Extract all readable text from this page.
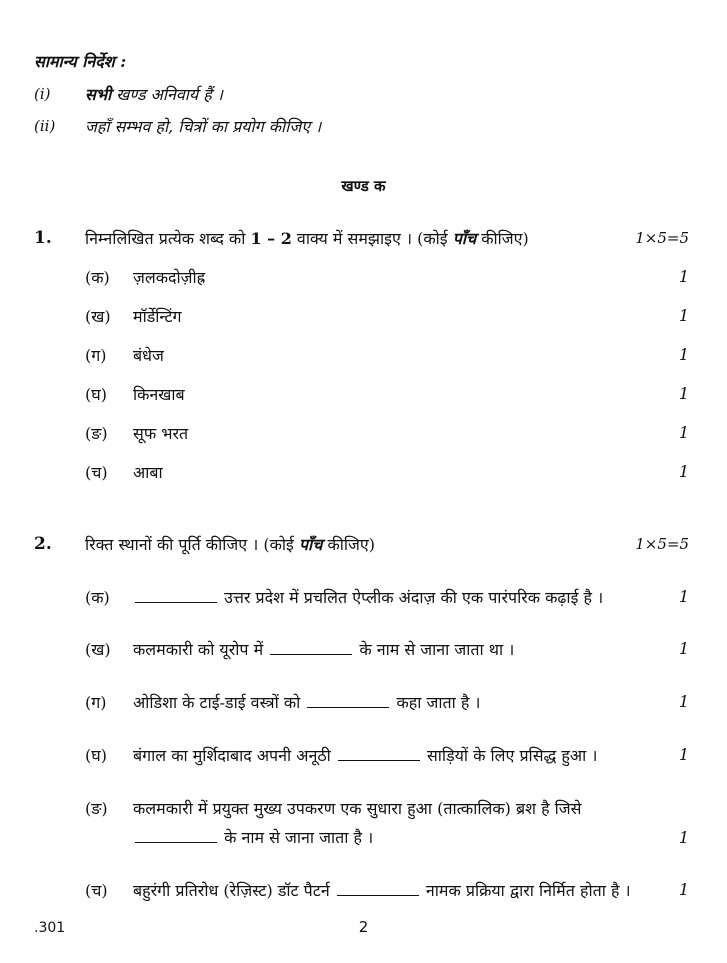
सामान्य निर्देश :
(i) सभी खण्ड अनिवार्य हैं ।
(ii) जहाँ सम्भव हो, चित्रों का प्रयोग कीजिए ।
खण्ड क
1. निम्नलिखित प्रत्येक शब्द को 1 – 2 वाक्य में समझाइए । (कोई पाँच कीजिए)	1×5=5
(क) ज़लकदोज़ीह्र	1
(ख) मॉर्डेन्टिंग	1
(ग) बंधेज	1
(घ) किनखाब	1
(ङ) सूफ भरत	1
(च) आबा	1
2. रिक्त स्थानों की पूर्ति कीजिए । (कोई पाँच कीजिए)	1×5=5
(क)	उत्तर प्रदेश में प्रचलित ऐप्लीक अंदाज़ की एक पारंपरिक कढ़ाई है ।	1
(ख) कलमकारी को यूरोप में	के नाम से जाना जाता था ।	1
(ग) ओडिशा के टाई-डाई वस्त्रों को	कहा जाता है ।	1
(घ) बंगाल का मुर्शिदाबाद अपनी अनूठी	साड़ियों के लिए प्रसिद्ध हुआ ।	1
(ङ) कलमकारी में प्रयुक्त मुख्य उपकरण एक सुधारा हुआ (तात्कालिक) ब्रश है जिसे
के नाम से जाना जाता है ।	1
(च) बहुरंगी प्रतिरोध (रेज़िस्ट) डॉट पैटर्न	नामक प्रक्रिया द्वारा निर्मित होता है ।	1
.301	2
